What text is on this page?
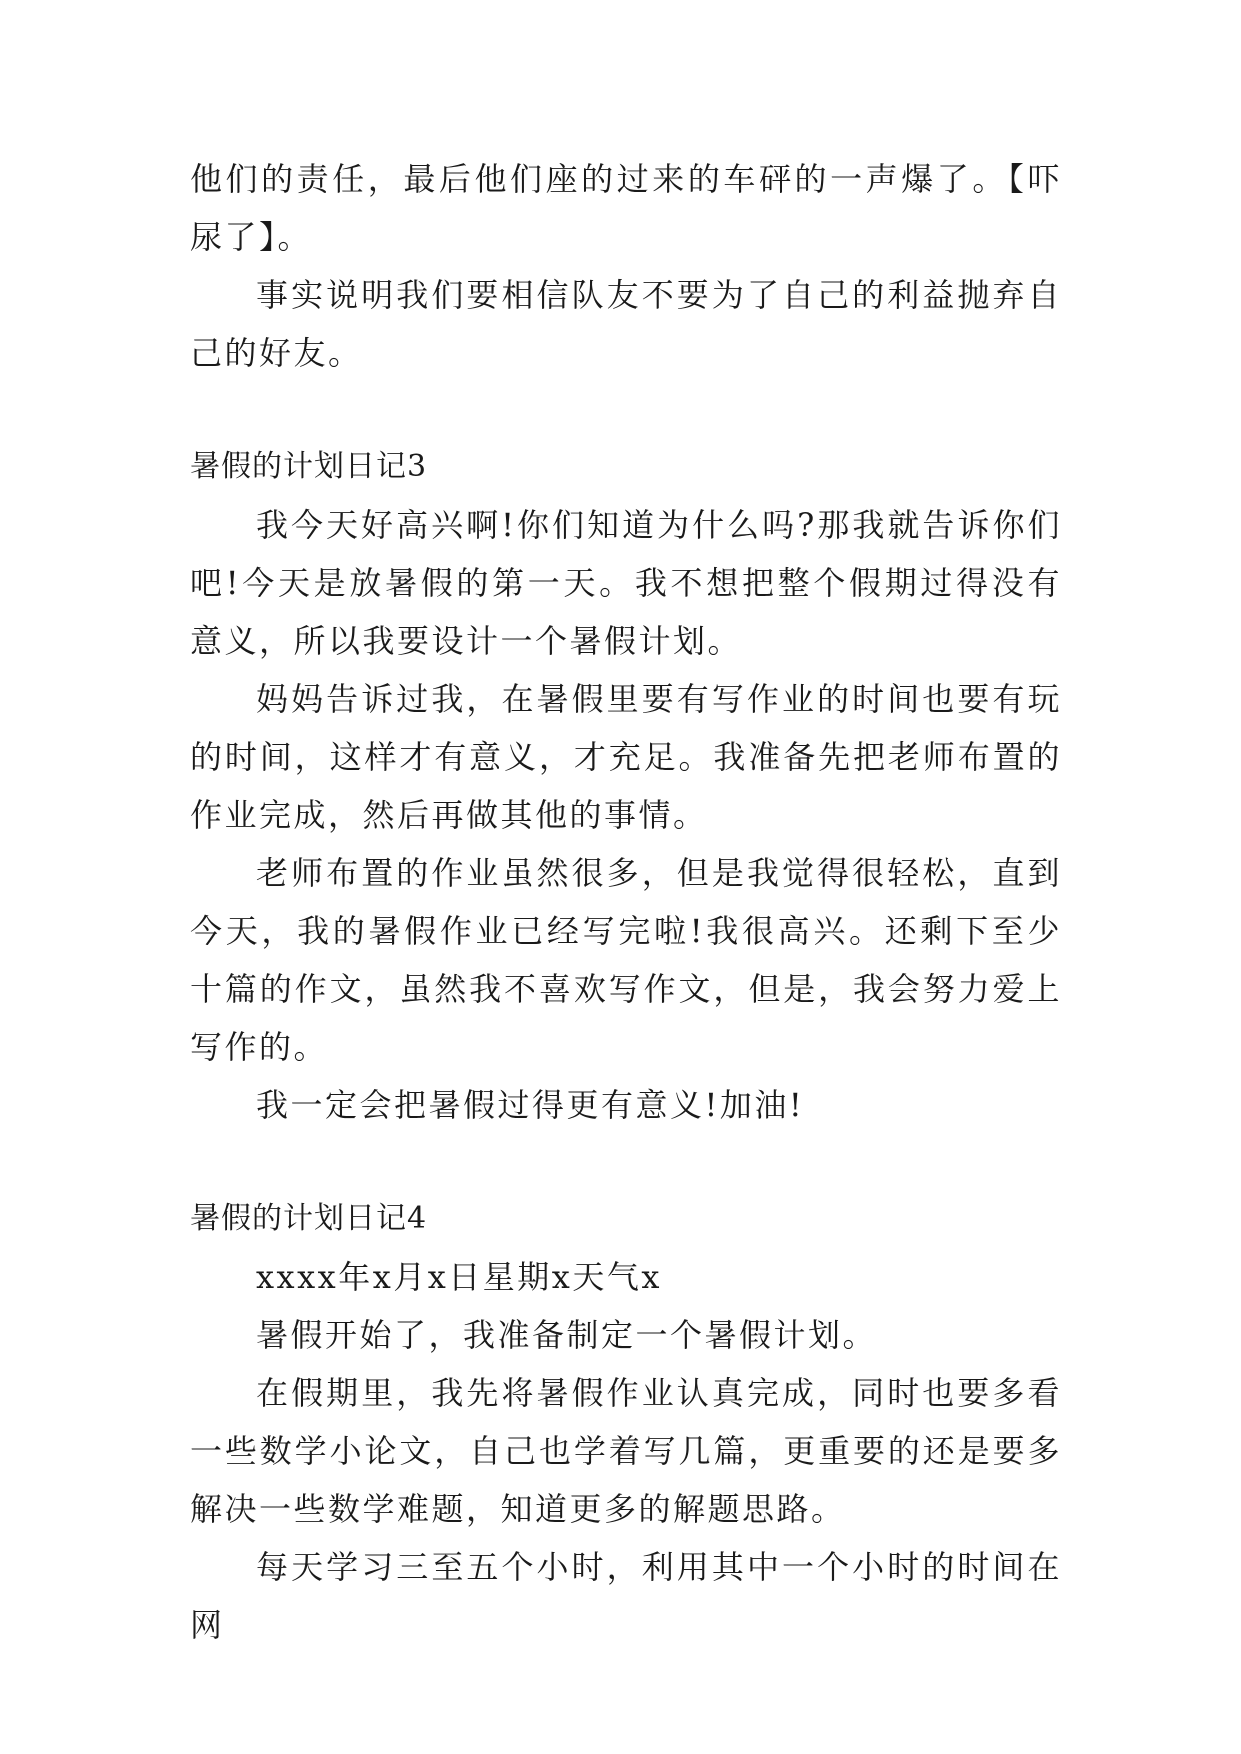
他们的责任，最后他们座的过来的车砰的一声爆了。【吓尿了】。

事实说明我们要相信队友不要为了自己的利益抛弃自己的好友。

暑假的计划日记3

我今天好高兴啊!你们知道为什么吗?那我就告诉你们吧!今天是放暑假的第一天。我不想把整个假期过得没有意义，所以我要设计一个暑假计划。

妈妈告诉过我，在暑假里要有写作业的时间也要有玩的时间，这样才有意义，才充足。我准备先把老师布置的作业完成，然后再做其他的事情。

老师布置的作业虽然很多，但是我觉得很轻松，直到今天，我的暑假作业已经写完啦!我很高兴。还剩下至少十篇的作文，虽然我不喜欢写作文，但是，我会努力爱上写作的。

我一定会把暑假过得更有意义!加油!

暑假的计划日记4

xxxx年x月x日星期x天气x

暑假开始了，我准备制定一个暑假计划。

在假期里，我先将暑假作业认真完成，同时也要多看一些数学小论文，自己也学着写几篇，更重要的还是要多解决一些数学难题，知道更多的解题思路。

每天学习三至五个小时，利用其中一个小时的时间在网
